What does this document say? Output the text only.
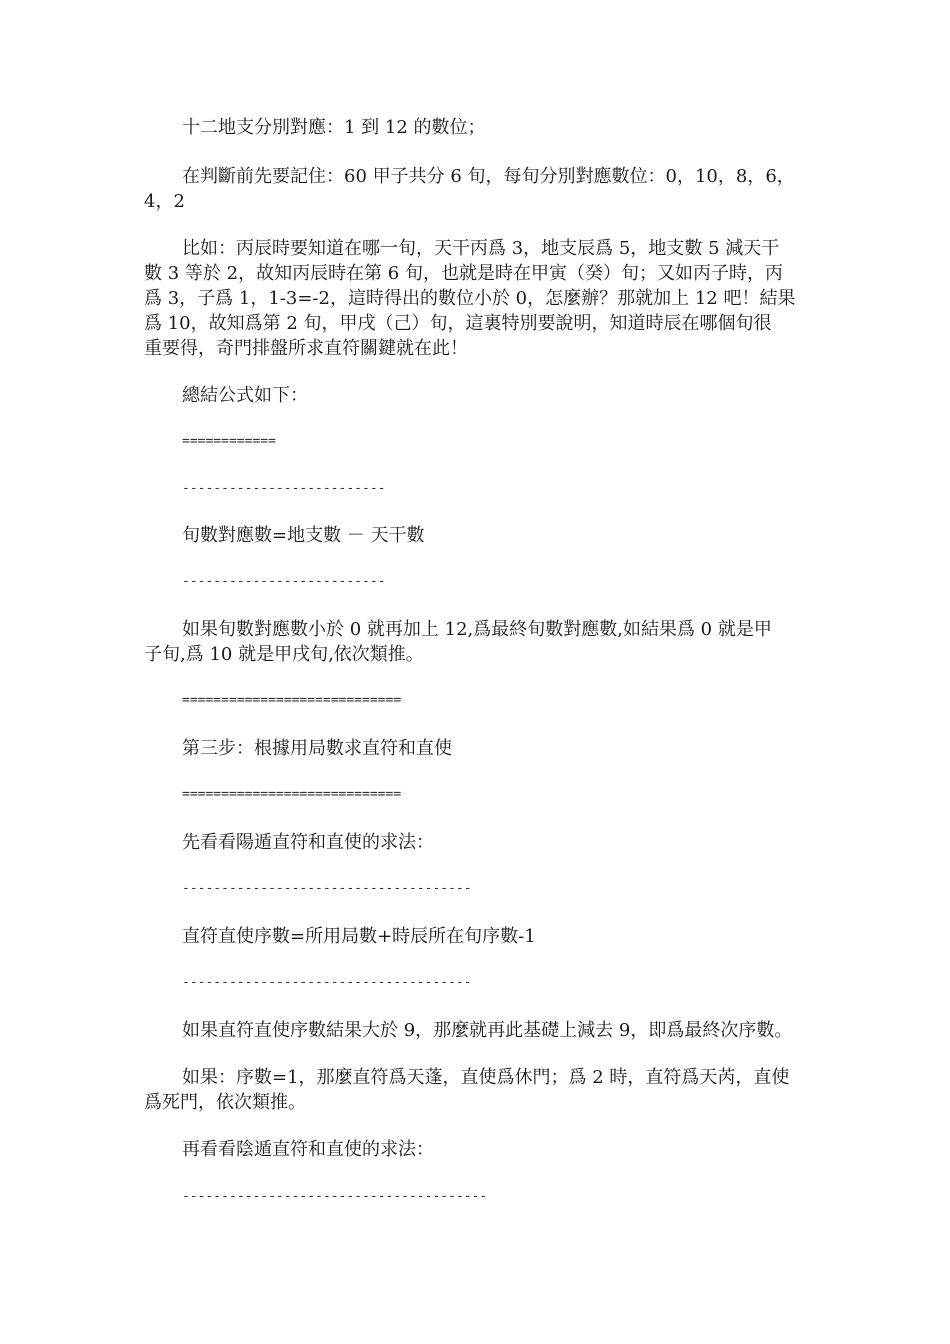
十二地支分別對應：1 到 12 的數位；
在判斷前先要記住：60 甲子共分 6 旬，每旬分別對應數位：0，10，8，6，
4，2
比如：丙辰時要知道在哪一旬，天干丙爲 3，地支辰爲 5，地支數 5 減天干
數 3 等於 2，故知丙辰時在第 6 旬，也就是時在甲寅（癸）旬；又如丙子時，丙
爲 3，子爲 1，1-3=-2，這時得出的數位小於 0，怎麼辦？那就加上 12 吧！結果
爲 10，故知爲第 2 旬，甲戌（己）旬，這裏特別要說明，知道時辰在哪個旬很
重要得，奇門排盤所求直符關鍵就在此！
總結公式如下：
============
--------------------------
旬數對應數=地支數 － 天干數
--------------------------
如果旬數對應數小於 0 就再加上 12,爲最終旬數對應數,如結果爲 0 就是甲
子旬,爲 10 就是甲戌旬,依次類推。
============================
第三步：根據用局數求直符和直使
============================
先看看陽遁直符和直使的求法：
-------------------------------------
直符直使序數=所用局數+時辰所在旬序數-1
-------------------------------------
如果直符直使序數結果大於 9，那麼就再此基礎上減去 9，即爲最終次序數。
如果：序數=1，那麼直符爲天蓬，直使爲休門；爲 2 時，直符爲天芮，直使
爲死門，依次類推。
再看看陰遁直符和直使的求法：
---------------------------------------
